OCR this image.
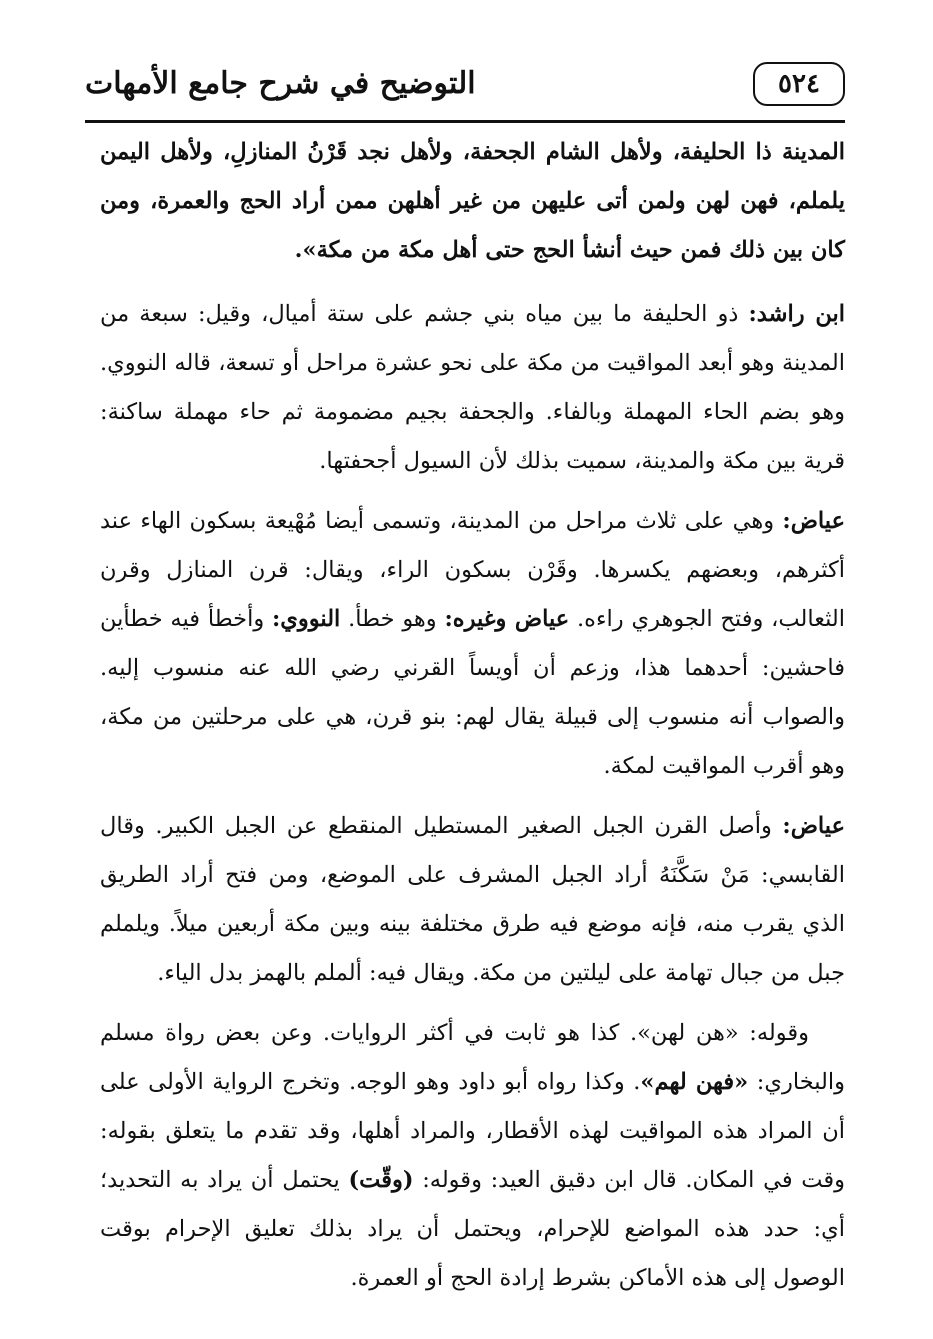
٥٢٤
التوضيح في شرح جامع الأمهات

المدينة ذا الحليفة، ولأهل الشام الجحفة، ولأهل نجد قَرْنُ المنازلِ، ولأهل اليمن يلملم، فهن لهن ولمن أتى عليهن من غير أهلهن ممن أراد الحج والعمرة، ومن كان بين ذلك فمن حيث أنشأ الحج حتى أهل مكة من مكة».

ابن راشد: ذو الحليفة ما بين مياه بني جشم على ستة أميال، وقيل: سبعة من المدينة وهو أبعد المواقيت من مكة على نحو عشرة مراحل أو تسعة، قاله النووي. وهو بضم الحاء المهملة وبالفاء. والجحفة بجيم مضمومة ثم حاء مهملة ساكنة: قرية بين مكة والمدينة، سميت بذلك لأن السيول أجحفتها.

عياض: وهي على ثلاث مراحل من المدينة، وتسمى أيضا مُهْيعة بسكون الهاء عند أكثرهم، وبعضهم يكسرها. وقَرْن بسكون الراء، ويقال: قرن المنازل وقرن الثعالب، وفتح الجوهري راءه. عياض وغيره: وهو خطأ. النووي: وأخطأ فيه خطأين فاحشين: أحدهما هذا، وزعم أن أويساً القرني رضي الله عنه منسوب إليه. والصواب أنه منسوب إلى قبيلة يقال لهم: بنو قرن، هي على مرحلتين من مكة، وهو أقرب المواقيت لمكة.

عياض: وأصل القرن الجبل الصغير المستطيل المنقطع عن الجبل الكبير. وقال القابسي: مَنْ سَكَّنَهُ أراد الجبل المشرف على الموضع، ومن فتح أراد الطريق الذي يقرب منه، فإنه موضع فيه طرق مختلفة بينه وبين مكة أربعين ميلاً. ويلملم جبل من جبال تهامة على ليلتين من مكة. ويقال فيه: ألملم بالهمز بدل الياء.

وقوله: «هن لهن». كذا هو ثابت في أكثر الروايات. وعن بعض رواة مسلم والبخاري: «فهن لهم». وكذا رواه أبو داود وهو الوجه. وتخرج الرواية الأولى على أن المراد هذه المواقيت لهذه الأقطار، والمراد أهلها، وقد تقدم ما يتعلق بقوله: وقت في المكان. قال ابن دقيق العيد: وقوله: (وقّت) يحتمل أن يراد به التحديد؛ أي: حدد هذه المواضع للإحرام، ويحتمل أن يراد بذلك تعليق الإحرام بوقت الوصول إلى هذه الأماكن بشرط إرادة الحج أو العمرة.
